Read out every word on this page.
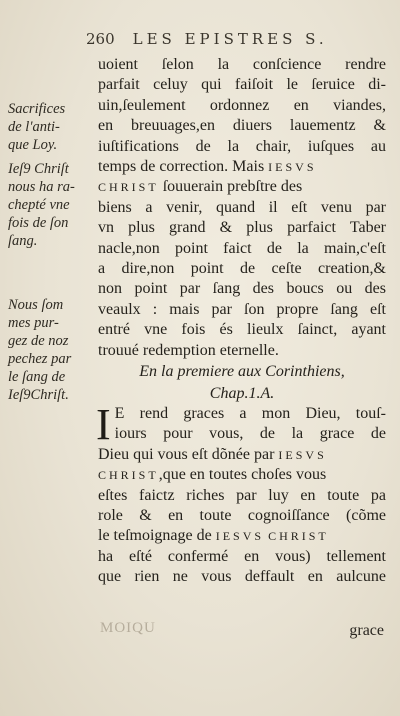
260 LES EPISTRES S.
Sacrifices
de l'anti-
que Loy.
Ieſ9 Chriſt
nous ha ra-
chepté vne
fois de ſon
ſang.
Nous ſom
mes pur-
gez de noz
pechez par
le ſang de
Ieſ9Chriſt.
uoient ſelon la conſcience rendre
parfait celuy qui faiſoit le ſeruice di-
uin,ſeulement ordonnez en viandes,
en breuuages,en diuers lauementz &
iuſtifications de la chair, iuſques au
temps de correction. Mais IESVS
CHRIST ſouuerain prebſtre des
biens a venir, quand il eſt venu par
vn plus grand & plus parfaict Taber
nacle,non point faict de la main,c'eſt
a dire,non point de ceſte creation,&
non point par ſang des boucs ou des
veaulx : mais par ſon propre ſang eſt
entré vne fois és lieulx ſainct, ayant
trouué redemption eternelle.
En la premiere aux Corinthiens,
Chap.1.A.
I E rend graces a mon Dieu, touſ-
iours pour vous, de la grace de
Dieu qui vous eſt dõnée par IESVS
CHRIST,que en toutes choſes vous
eſtes faictz riches par luy en toute pa
role & en toute cognoiſſance (cõme
le teſmoignage de IESVS CHRIST
ha eſté confermé en vous) tellement
que rien ne vous deffault en aulcune
MOIQU	grace
